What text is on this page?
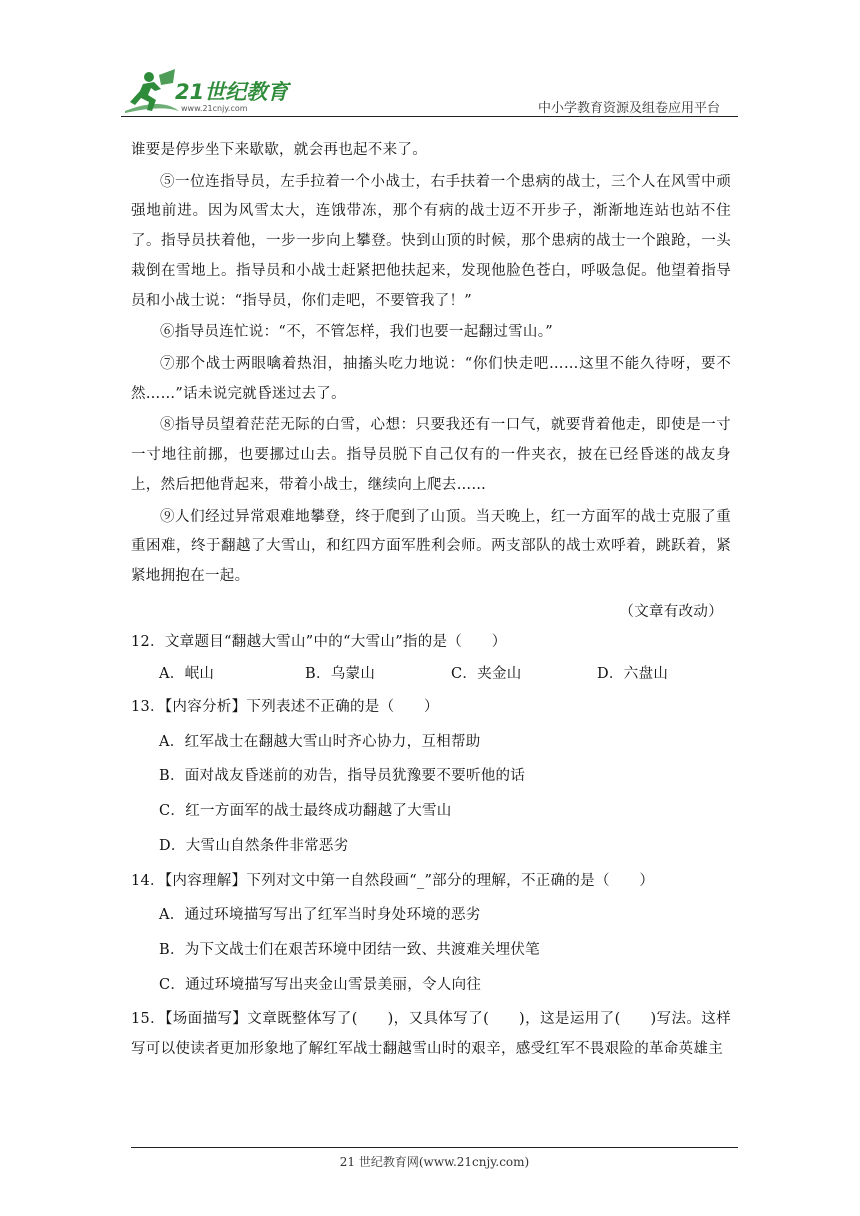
21世纪教育
www.21cnjy.com	中小学教育资源及组卷应用平台

谁要是停步坐下来歇歇，就会再也起不来了。

⑤一位连指导员，左手拉着一个小战士，右手扶着一个患病的战士，三个人在风雪中顽强地前进。因为风雪太大，连饿带冻，那个有病的战士迈不开步子，渐渐地连站也站不住了。指导员扶着他，一步一步向上攀登。快到山顶的时候，那个患病的战士一个踉跄，一头栽倒在雪地上。指导员和小战士赶紧把他扶起来，发现他脸色苍白，呼吸急促。他望着指导员和小战士说：“指导员，你们走吧，不要管我了！”

⑥指导员连忙说：“不，不管怎样，我们也要一起翻过雪山。”

⑦那个战士两眼噙着热泪，抽搐头吃力地说：“你们快走吧……这里不能久待呀，要不然……”话未说完就昏迷过去了。

⑧指导员望着茫茫无际的白雪，心想：只要我还有一口气，就要背着他走，即使是一寸一寸地往前挪，也要挪过山去。指导员脱下自己仅有的一件夹衣，披在已经昏迷的战友身上，然后把他背起来，带着小战士，继续向上爬去……

⑨人们经过异常艰难地攀登，终于爬到了山顶。当天晚上，红一方面军的战士克服了重重困难，终于翻越了大雪山，和红四方面军胜利会师。两支部队的战士欢呼着，跳跃着，紧紧地拥抱在一起。

（文章有改动）

12．文章题目“翻越大雪山”中的“大雪山”指的是（　　）

A．岷山	B．乌蒙山	C．夹金山	D．六盘山

13．【内容分析】下列表述不正确的是（　　）

A．红军战士在翻越大雪山时齐心协力，互相帮助

B．面对战友昏迷前的劝告，指导员犹豫要不要听他的话

C．红一方面军的战士最终成功翻越了大雪山

D．大雪山自然条件非常恶劣

14．【内容理解】下列对文中第一自然段画“_”部分的理解，不正确的是（　　）

A．通过环境描写写出了红军当时身处环境的恶劣

B．为下文战士们在艰苦环境中团结一致、共渡难关埋伏笔

C．通过环境描写写出夹金山雪景美丽，令人向往

15．【场面描写】文章既整体写了(　　)，又具体写了(　　)，这是运用了(　　)写法。这样写可以使读者更加形象地了解红军战士翻越雪山时的艰辛，感受红军不畏艰险的革命英雄主

21 世纪教育网(www.21cnjy.com)
